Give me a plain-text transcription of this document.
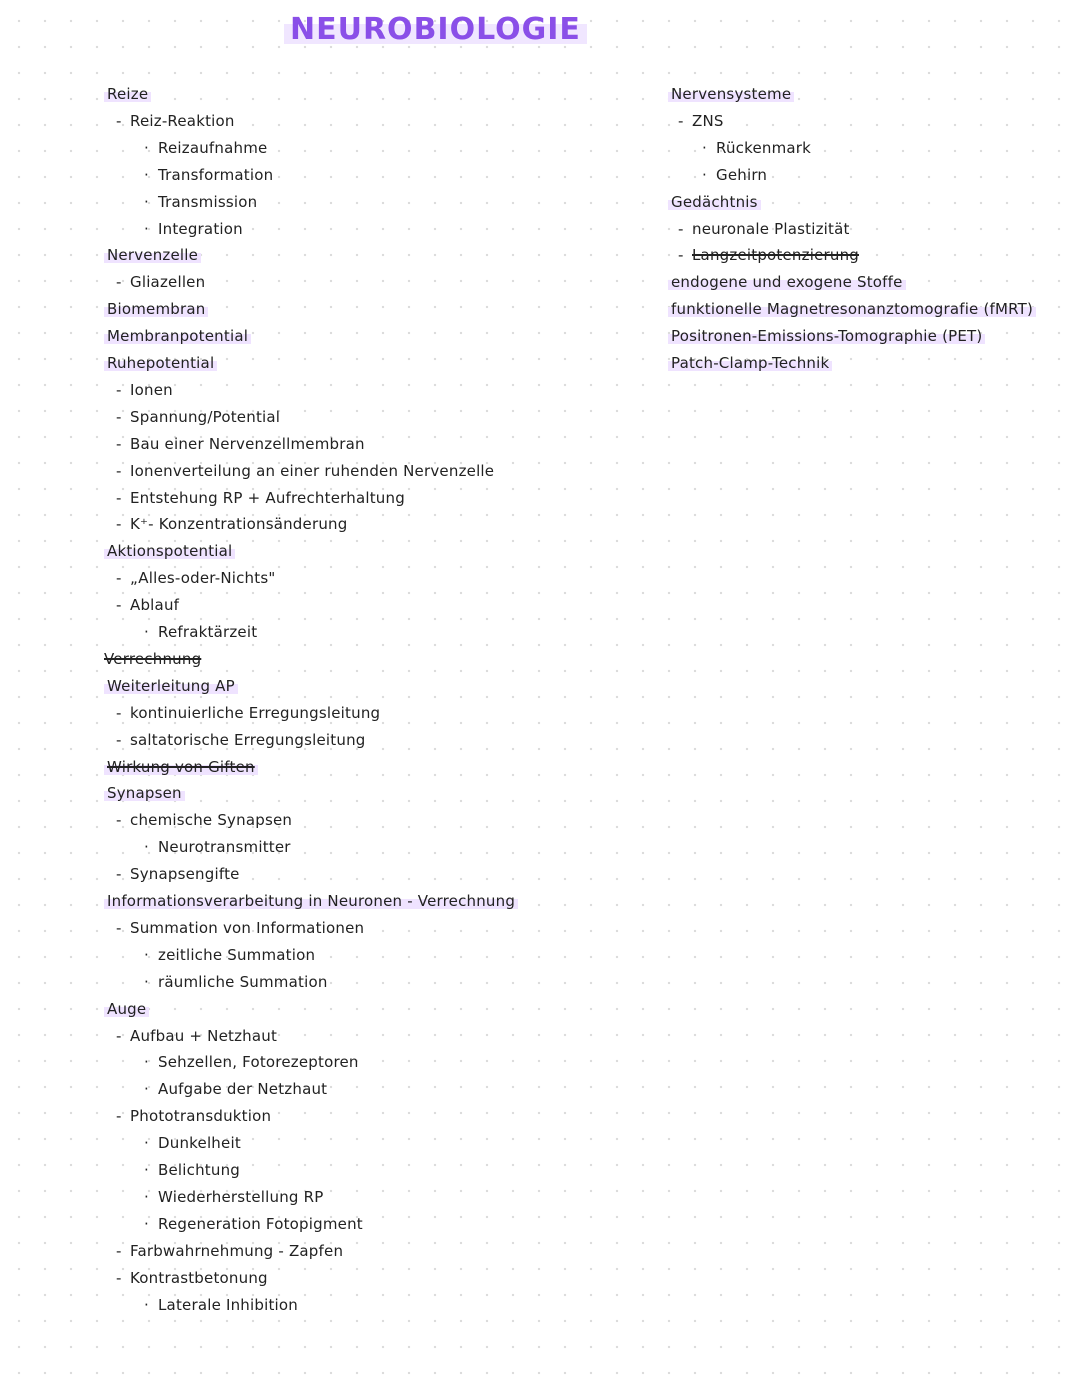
NEUROBIOLOGIE
Reize
- Reiz-Reaktion
· Reizaufnahme
· Transformation
· Transmission
· Integration
Nervenzelle
- Gliazellen
Biomembran
Membranpotential
Ruhepotential
- Ionen
- Spannung/Potential
- Bau einer Nervenzellmembran
- Ionenverteilung an einer ruhenden Nervenzelle
- Entstehung RP + Aufrechterhaltung
- K⁺- Konzentrationsänderung
Aktionspotential
- „Alles-oder-Nichts"
- Ablauf
· Refraktärzeit
Verrechnung
Weiterleitung AP
- kontinuierliche Erregungsleitung
- saltatorische Erregungsleitung
Wirkung von Giften
Synapsen
- chemische Synapsen
· Neurotransmitter
- Synapsengifte
Informationsverarbeitung in Neuronen - Verrechnung
- Summation von Informationen
· zeitliche Summation
· räumliche Summation
Auge
- Aufbau + Netzhaut
· Sehzellen, Fotorezeptoren
· Aufgabe der Netzhaut
- Phototransduktion
· Dunkelheit
· Belichtung
· Wiederherstellung RP
· Regeneration Fotopigment
- Farbwahrnehmung - Zapfen
- Kontrastbetonung
· Laterale Inhibition
Nervensysteme
- ZNS
· Rückenmark
· Gehirn
Gedächtnis
- neuronale Plastizität
- Langzeitpotenzierung
endogene und exogene Stoffe
funktionelle Magnetresonanztomografie (fMRT)
Positronen-Emissions-Tomographie (PET)
Patch-Clamp-Technik
